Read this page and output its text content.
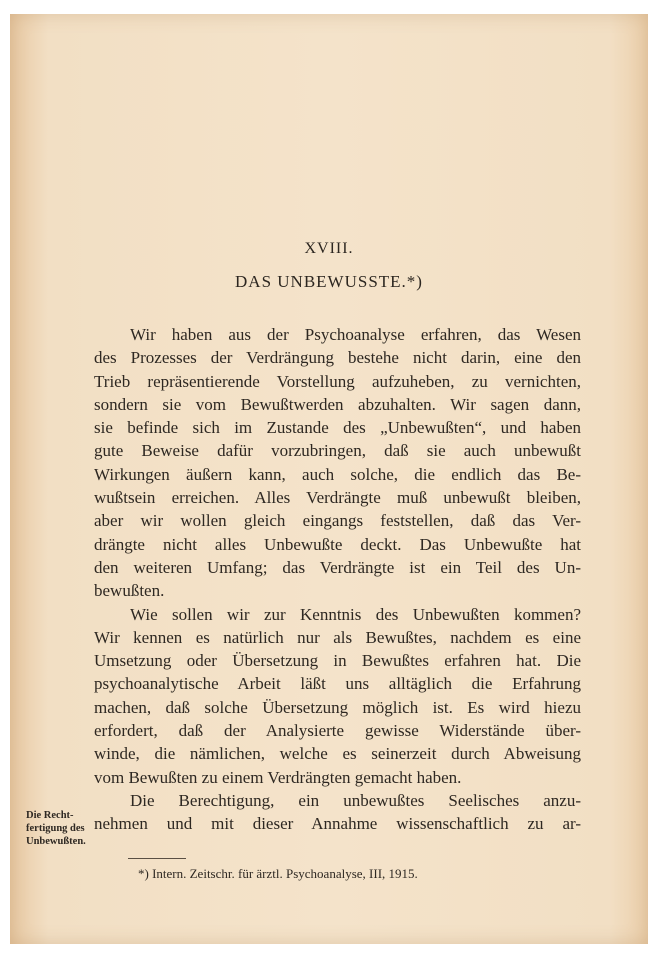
XVIII.
DAS UNBEWUSSTE.*)
Wir haben aus der Psychoanalyse erfahren, das Wesen
des Prozesses der Verdrängung bestehe nicht darin, eine den
Trieb repräsentierende Vorstellung aufzuheben, zu vernichten,
sondern sie vom Bewußtwerden abzuhalten. Wir sagen dann,
sie befinde sich im Zustande des „Unbewußten“, und haben
gute Beweise dafür vorzubringen, daß sie auch unbewußt
Wirkungen äußern kann, auch solche, die endlich das Be-
wußtsein erreichen. Alles Verdrängte muß unbewußt bleiben,
aber wir wollen gleich eingangs feststellen, daß das Ver-
drängte nicht alles Unbewußte deckt. Das Unbewußte hat
den weiteren Umfang; das Verdrängte ist ein Teil des Un-
bewußten.
Wie sollen wir zur Kenntnis des Unbewußten kommen?
Wir kennen es natürlich nur als Bewußtes, nachdem es eine
Umsetzung oder Übersetzung in Bewußtes erfahren hat. Die
psychoanalytische Arbeit läßt uns alltäglich die Erfahrung
machen, daß solche Übersetzung möglich ist. Es wird hiezu
erfordert, daß der Analysierte gewisse Widerstände über-
winde, die nämlichen, welche es seinerzeit durch Abweisung
vom Bewußten zu einem Verdrängten gemacht haben.
Die Berechtigung, ein unbewußtes Seelisches anzu-
nehmen und mit dieser Annahme wissenschaftlich zu ar-
Die Recht-
fertigung des
Unbewußten.
*) Intern. Zeitschr. für ärztl. Psychoanalyse, III, 1915.
